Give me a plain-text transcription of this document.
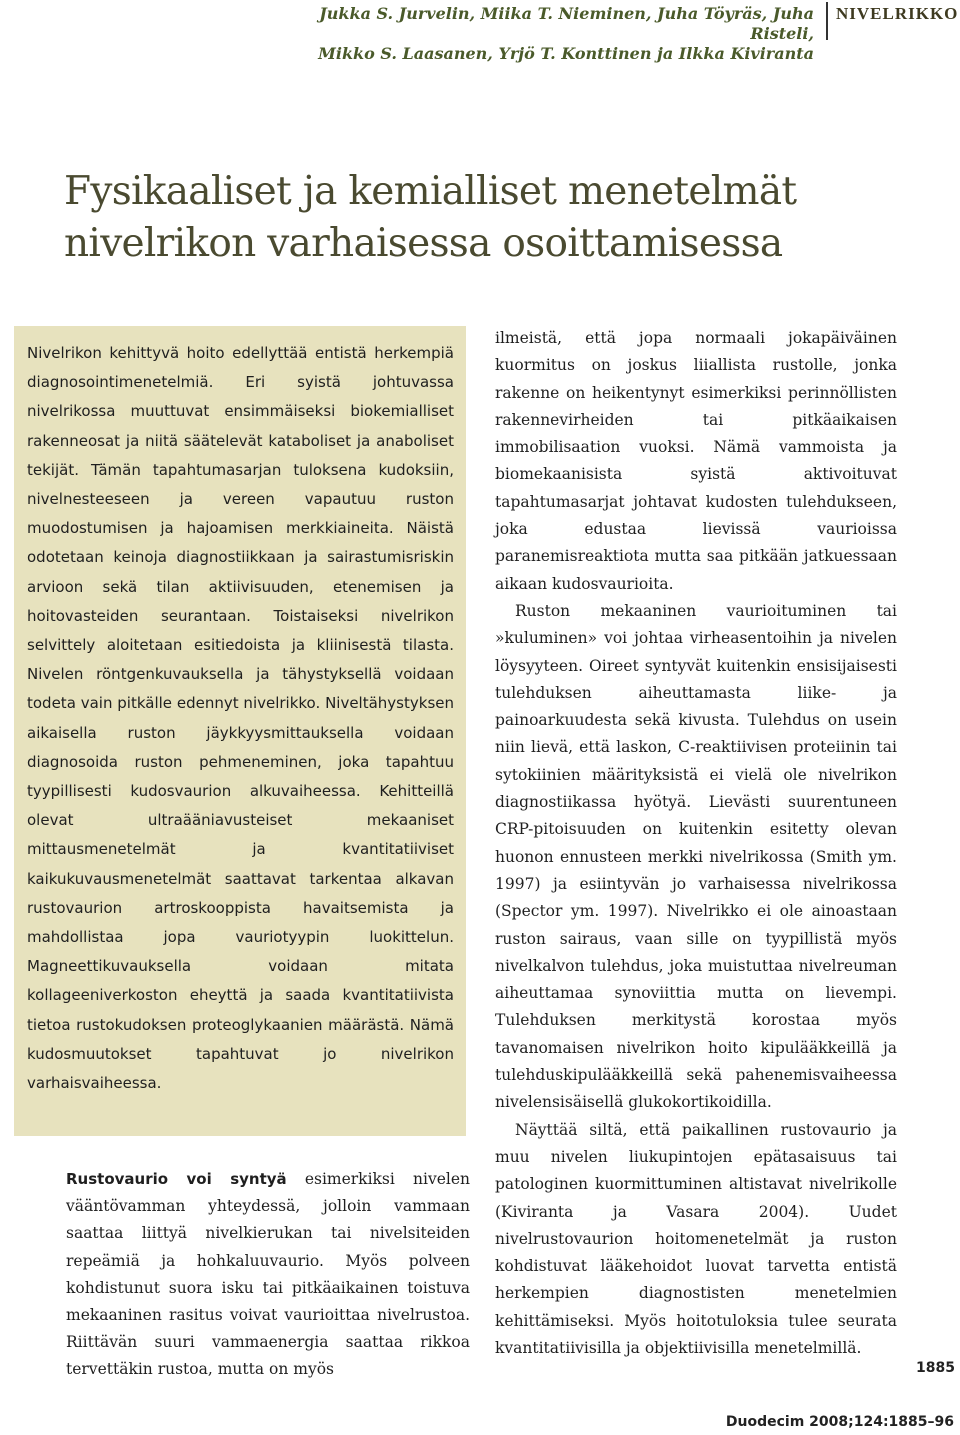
Jukka S. Jurvelin, Miika T. Nieminen, Juha Töyräs, Juha Risteli,
Mikko S. Laasanen, Yrjö T. Konttinen ja Ilkka Kiviranta
NIVELRIKKO
Fysikaaliset ja kemialliset menetelmät
nivelrikon varhaisessa osoittamisessa

Nivelrikon kehittyvä hoito edellyttää entistä herkempiä diagnosointimenetelmiä. Eri syistä johtuvassa nivelrikossa muuttuvat ensimmäiseksi biokemialliset rakenneosat ja niitä säätelevät kataboliset ja anaboliset tekijät. Tämän tapahtumasarjan tuloksena kudoksiin, nivelnesteeseen ja vereen vapautuu ruston muodostumisen ja hajoamisen merkkiaineita. Näistä odotetaan keinoja diagnostiikkaan ja sairastumisriskin arvioon sekä tilan aktiivisuuden, etenemisen ja hoitovasteiden seurantaan. Toistaiseksi nivelrikon selvittely aloitetaan esitiedoista ja kliinisestä tilasta. Nivelen röntgenkuvauksella ja tähystyksellä voidaan todeta vain pitkälle edennyt nivelrikko. Niveltähystyksen aikaisella ruston jäykkyysmittauksella voidaan diagnosoida ruston pehmeneminen, joka tapahtuu tyypillisesti kudosvaurion alkuvaiheessa. Kehitteillä olevat ultraääniavusteiset mekaaniset mittausmenetelmät ja kvantitatiiviset kaikukuvausmenetelmät saattavat tarkentaa alkavan rustovaurion artroskooppista havaitsemista ja mahdollistaa jopa vauriotyypin luokittelun. Magneettikuvauksella voidaan mitata kollageeniverkoston eheyttä ja saada kvantitatiivista tietoa rustokudoksen proteoglykaanien määrästä. Nämä kudosmuutokset tapahtuvat jo nivelrikon varhaisvaiheessa.

Rustovaurio voi syntyä esimerkiksi nivelen vääntövamman yhteydessä, jolloin vammaan saattaa liittyä nivelkierukan tai nivelsiteiden repeämiä ja hohkaluuvaurio. Myös polveen kohdistunut suora isku tai pitkäaikainen toistuva mekaaninen rasitus voivat vaurioittaa nivelrustoa. Riittävän suuri vammaenergia saattaa rikkoa tervettäkin rustoa, mutta on myös

ilmeistä, että jopa normaali jokapäiväinen kuormitus on joskus liiallista rustolle, jonka rakenne on heikentynyt esimerkiksi perinnöllisten rakennevirheiden tai pitkäaikaisen immobilisaation vuoksi. Nämä vammoista ja biomekaanisista syistä aktivoituvat tapahtumasarjat johtavat kudosten tulehdukseen, joka edustaa lievissä vaurioissa paranemisreaktiota mutta saa pitkään jatkuessaan aikaan kudosvaurioita.

Ruston mekaaninen vaurioituminen tai »kuluminen» voi johtaa virheasentoihin ja nivelen löysyyteen. Oireet syntyvät kuitenkin ensisijaisesti tulehduksen aiheuttamasta liike- ja painoarkuudesta sekä kivusta. Tulehdus on usein niin lievä, että laskon, C-reaktiivisen proteiinin tai sytokiinien määrityksistä ei vielä ole nivelrikon diagnostiikassa hyötyä. Lievästi suurentuneen CRP-pitoisuuden on kuitenkin esitetty olevan huonon ennusteen merkki nivelrikossa (Smith ym. 1997) ja esiintyvän jo varhaisessa nivelrikossa (Spector ym. 1997). Nivelrikko ei ole ainoastaan ruston sairaus, vaan sille on tyypillistä myös nivelkalvon tulehdus, joka muistuttaa nivelreuman aiheuttamaa synoviittia mutta on lievempi. Tulehduksen merkitystä korostaa myös tavanomaisen nivelrikon hoito kipulääkkeillä ja tulehduskipulääkkeillä sekä pahenemisvaiheessa nivelensisäisellä glukokortikoidilla.

Näyttää siltä, että paikallinen rustovaurio ja muu nivelen liukupintojen epätasaisuus tai patologinen kuormittuminen altistavat nivelrikolle (Kiviranta ja Vasara 2004). Uudet nivelrustovaurion hoitomenetelmät ja ruston kohdistuvat lääkehoidot luovat tarvetta entistä herkempien diagnostisten menetelmien kehittämiseksi. Myös hoitotuloksia tulee seurata kvantitatiivisilla ja objektiivisilla menetelmillä.

1885
Duodecim 2008;124:1885–96
